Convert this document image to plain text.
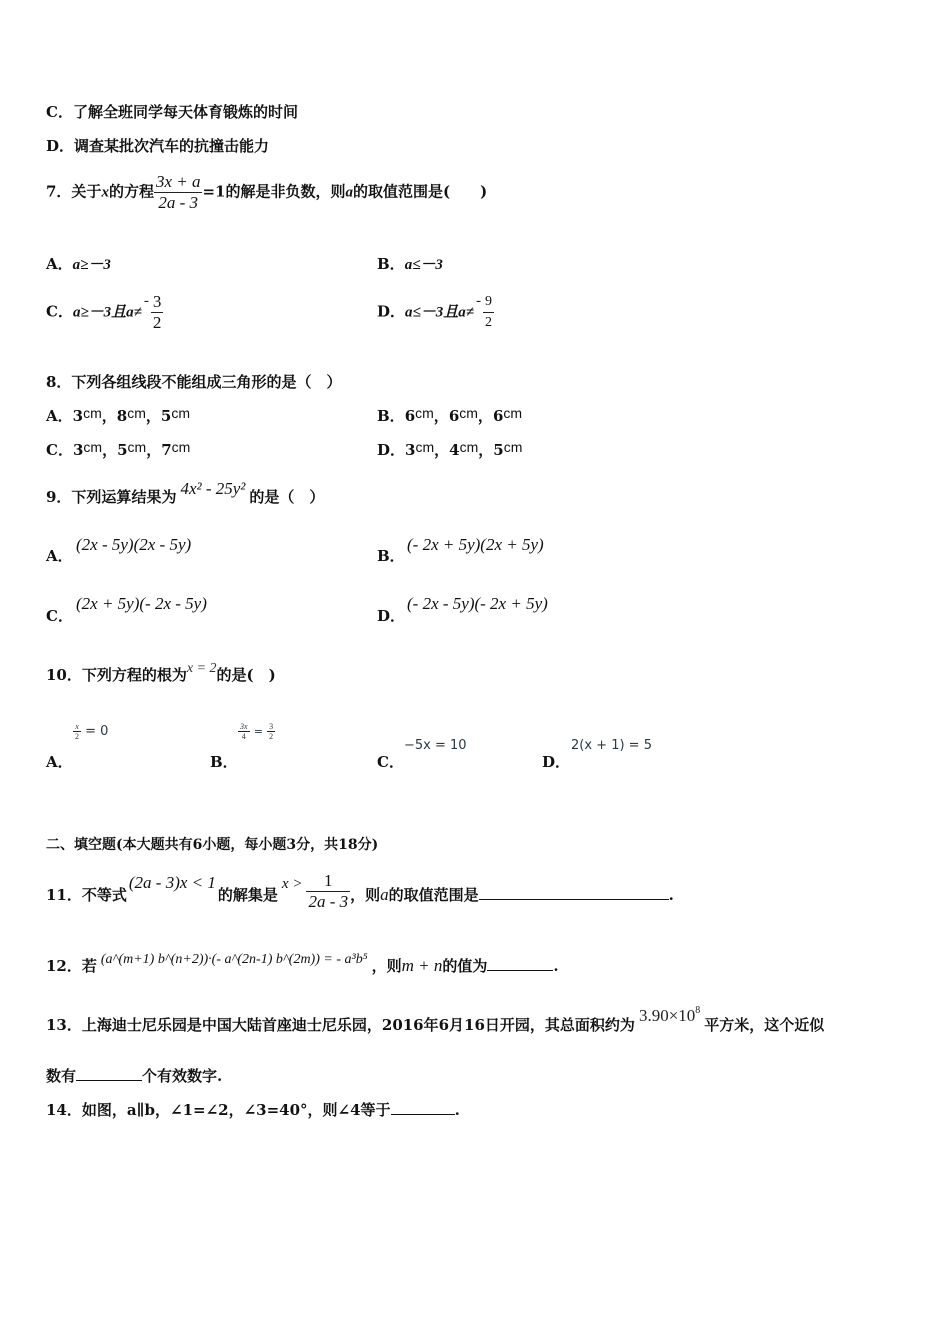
C．了解全班同学每天体育锻炼的时间
D．调查某批次汽车的抗撞击能力
7．关于x的方程 $\frac{3x + a}{2a - 3} =1$的解是非负数，则a的取值范围是(　　)
A．a≥－3	B．a≤－3
C．a≥－3且$a\ne- \frac{3}{2}$	D．a≤－3且$a\ne- \frac{9}{2}$
8．下列各组线段不能组成三角形的是（　）
A．3cm，8cm，5cm	B．6cm，6cm，6cm
C．3cm，5cm，7cm	D．3cm，4cm，5cm
9．下列运算结果为 4x² - 25y² 的是（　）
A．
(2x - 5y)(2x - 5y)
B．
(- 2x + 5y)(2x + 5y)
C．
(2x + 5y)(- 2x - 5y)
D．
(- 2x - 5y)(- 2x + 5y)
10．下列方程的根为x = 2的是(　)
A．
$\frac{x}{2} = 0$
B．
$\frac{3x}{4} = \frac{3}{2}$
C．
−5x = 10
D．
2(x + 1) = 5
二、填空题(本大题共有6小题，每小题3分，共18分)
11．不等式(2a - 3)x < 1的解集是$x > \frac{1}{2a - 3}$ ，则a的取值范围是	.
12．若 (a^(m+1) b^(n+2))·(- a^(2n-1) b^(2m)) = - a³b⁵ ，则m + n的值为	.
13．上海迪士尼乐园是中国大陆首座迪士尼乐园，2016年6月16日开园，其总面积约为 $3.90\times 10^8$平方米，这个近似
数有	个有效数字.
14．如图，a∥b，∠1=∠2，∠3=40°，则∠4等于	.
